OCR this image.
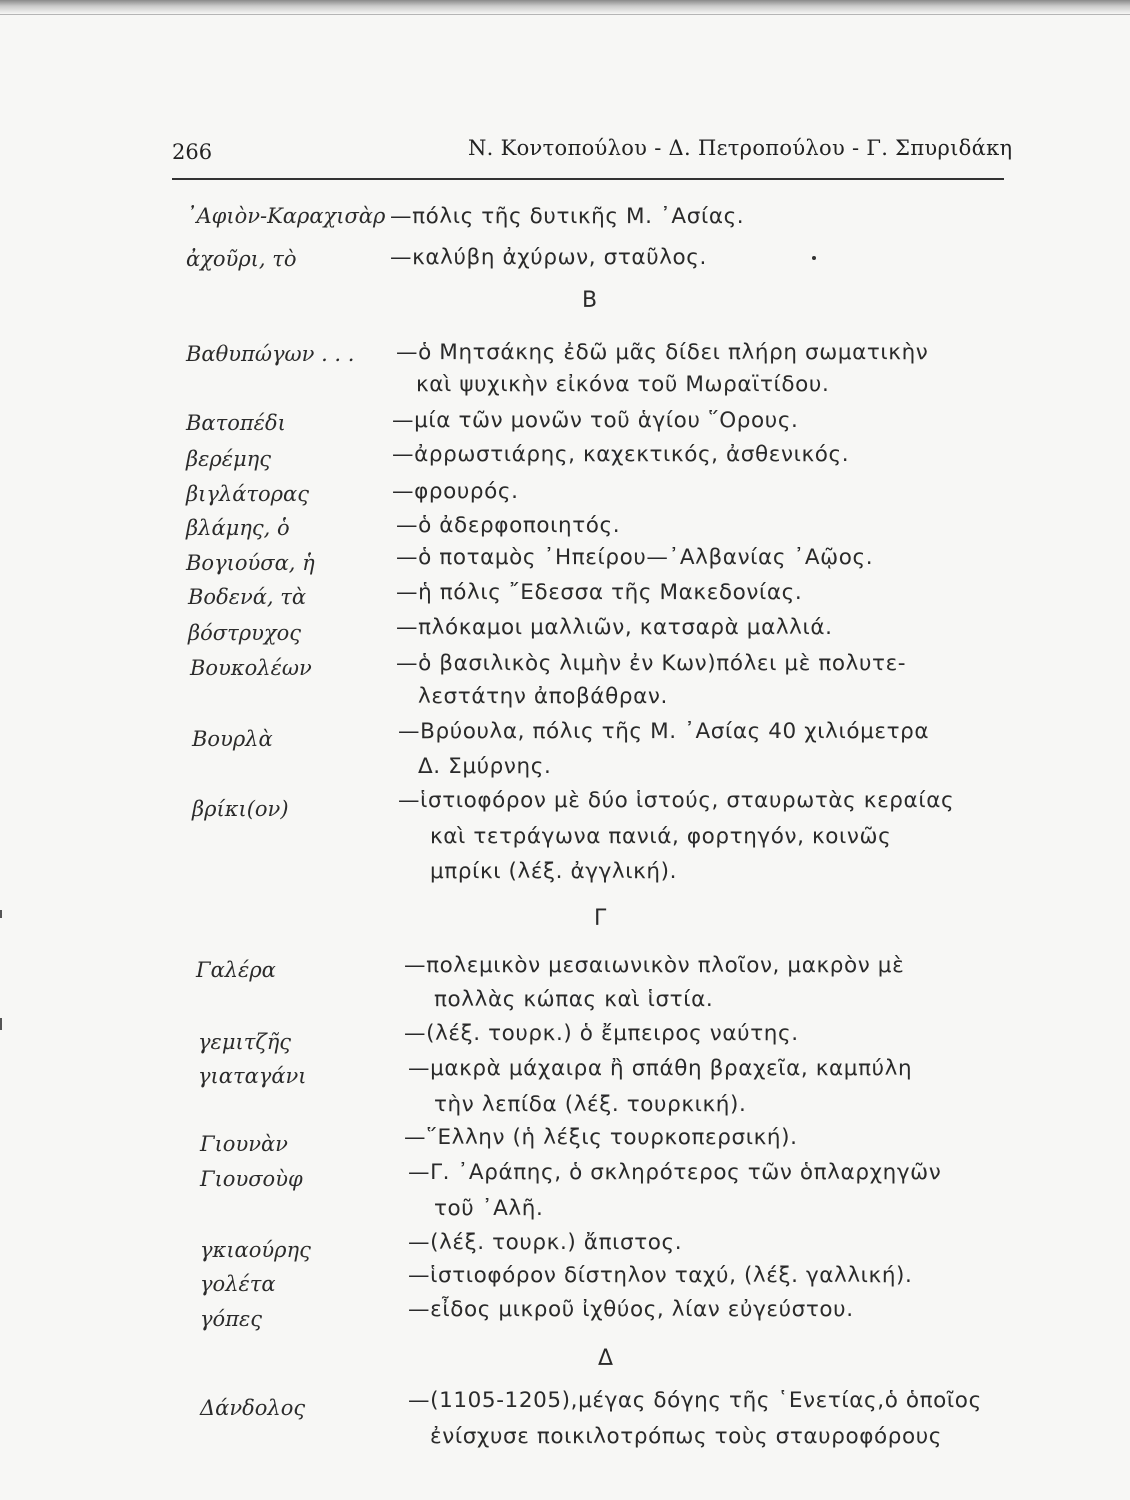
266	Ν. Κοντοπούλου - Δ. Πετροπούλου - Γ. Σπυριδάκη
᾿Αφιὸν-Καραχισὰρ —πόλις τῆς δυτικῆς Μ. ᾿Ασίας.
ἀχοῦρι, τὸ	—καλύβη ἀχύρων, σταῦλος.
Β
Βαθυπώγων . . . —ὁ Μητσάκης ἐδῶ μᾶς δίδει πλήρη σωματικὴν
καὶ ψυχικὴν εἰκόνα τοῦ Μωραϊτίδου.
Βατοπέδι	—μία τῶν μονῶν τοῦ ἁγίου ῞Ορους.
βερέμης	—ἀρρωστιάρης, καχεκτικός, ἀσθενικός.
βιγλάτορας	—φρουρός.
βλάμης, ὁ	—ὁ ἀδερφοποιητός.
Βογιούσα, ἡ	—ὁ ποταμὸς ᾿Ηπείρου—᾿Αλβανίας ᾿Αῷος.
Βοδενά, τὰ	—ἡ πόλις ῎Εδεσσα τῆς Μακεδονίας.
βόστρυχος	—πλόκαμοι μαλλιῶν, κατσαρὰ μαλλιά.
Βουκολέων	—ὁ βασιλικὸς λιμὴν ἐν Κων)πόλει μὲ πολυτε-
λεστάτην ἀποβάθραν.
Βουρλὰ	—Βρύουλα, πόλις τῆς Μ. ᾿Ασίας 40 χιλιόμετρα
Δ. Σμύρνης.
βρίκι(ον)	—ἱστιοφόρον μὲ δύο ἱστούς, σταυρωτὰς κεραίας
καὶ τετράγωνα πανιά, φορτηγόν, κοινῶς
μπρίκι (λέξ. ἀγγλική).
Γ
Γαλέρα	—πολεμικὸν μεσαιωνικὸν πλοῖον, μακρὸν μὲ
πολλὰς κώπας καὶ ἱστία.
γεμιτζῆς	—(λέξ. τουρκ.) ὁ ἔμπειρος ναύτης.
γιαταγάνι	—μακρὰ μάχαιρα ἢ σπάθη βραχεῖα, καμπύλη
τὴν λεπίδα (λέξ. τουρκική).
Γιουνὰν	—῞Ελλην (ἡ λέξις τουρκοπερσική).
Γιουσοὺφ	—Γ. ᾿Αράπης, ὁ σκληρότερος τῶν ὁπλαρχηγῶν
τοῦ ᾿Αλῆ.
γκιαούρης	—(λέξ. τουρκ.) ἄπιστος.
γολέτα	—ἱστιοφόρον δίστηλον ταχύ, (λέξ. γαλλική).
γόπες	—εἶδος μικροῦ ἰχθύος, λίαν εὐγεύστου.
Δ
Δάνδολος	—(1105-1205),μέγας δόγης τῆς ῾Ενετίας,ὁ ὁποῖος
ἐνίσχυσε ποικιλοτρόπως τοὺς σταυροφόρους
